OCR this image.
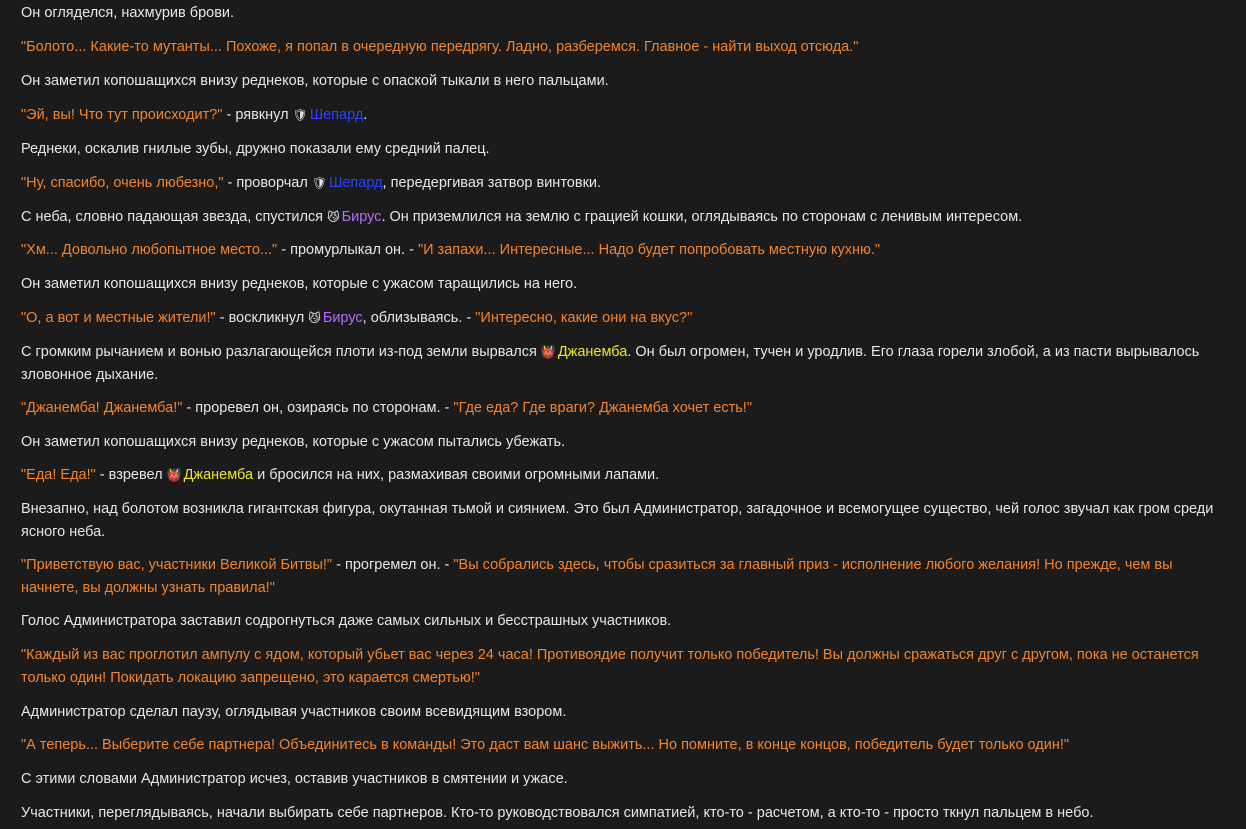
Он огляделся, нахмурив брови.

"Болото... Какие-то мутанты... Похоже, я попал в очередную передрягу. Ладно, разберемся. Главное - найти выход отсюда."

Он заметил копошащихся внизу реднеков, которые с опаской тыкали в него пальцами.

"Эй, вы! Что тут происходит?" - рявкнул 🛡 Шепард.

Реднеки, оскалив гнилые зубы, дружно показали ему средний палец.

"Ну, спасибо, очень любезно," - проворчал 🛡 Шепард, передергивая затвор винтовки.

С неба, словно падающая звезда, спустился 😼 Бирус. Он приземлился на землю с грацией кошки, оглядываясь по сторонам с ленивым интересом.

"Хм... Довольно любопытное место..." - промурлыкал он. - "И запахи... Интересные... Надо будет попробовать местную кухню."

Он заметил копошащихся внизу реднеков, которые с ужасом таращились на него.

"О, а вот и местные жители!" - воскликнул 😼 Бирус, облизываясь. - "Интересно, какие они на вкус?"

С громким рычанием и вонью разлагающейся плоти из-под земли вырвался 👹 Джанемба. Он был огромен, тучен и уродлив. Его глаза горели злобой, а из пасти вырывалось зловонное дыхание.

"Джанемба! Джанемба!" - проревел он, озираясь по сторонам. - "Где еда? Где враги? Джанемба хочет есть!"

Он заметил копошащихся внизу реднеков, которые с ужасом пытались убежать.

"Еда! Еда!" - взревел 👹 Джанемба и бросился на них, размахивая своими огромными лапами.

Внезапно, над болотом возникла гигантская фигура, окутанная тьмой и сиянием. Это был Администратор, загадочное и всемогущее существо, чей голос звучал как гром среди ясного неба.

"Приветствую вас, участники Великой Битвы!" - прогремел он. - "Вы собрались здесь, чтобы сразиться за главный приз - исполнение любого желания! Но прежде, чем вы начнете, вы должны узнать правила!"

Голос Администратора заставил содрогнуться даже самых сильных и бесстрашных участников.

"Каждый из вас проглотил ампулу с ядом, который убьет вас через 24 часа! Противоядие получит только победитель! Вы должны сражаться друг с другом, пока не останется только один! Покидать локацию запрещено, это карается смертью!"

Администратор сделал паузу, оглядывая участников своим всевидящим взором.

"А теперь... Выберите себе партнера! Объединитесь в команды! Это даст вам шанс выжить... Но помните, в конце концов, победитель будет только один!"

С этими словами Администратор исчез, оставив участников в смятении и ужасе.

Участники, переглядываясь, начали выбирать себе партнеров. Кто-то руководствовался симпатией, кто-то - расчетом, а кто-то - просто ткнул пальцем в небо.
